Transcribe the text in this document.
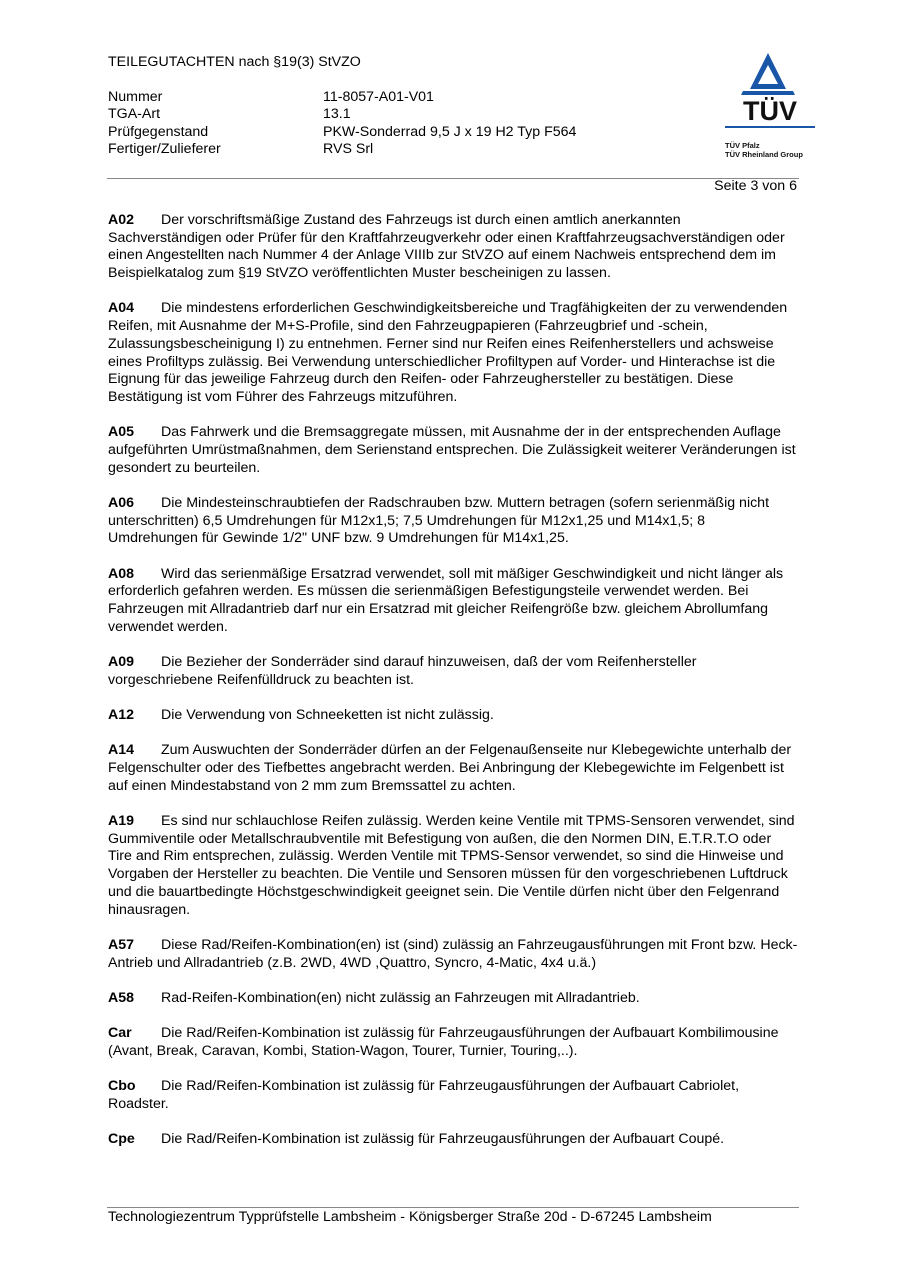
TEILEGUTACHTEN nach §19(3) StVZO
Nummer	11-8057-A01-V01
TGA-Art	13.1
Prüfgegenstand	PKW-Sonderrad 9,5 J x 19 H2 Typ F564
Fertiger/Zulieferer	RVS Srl
TÜV
TÜV Pfalz
TÜV Rheinland Group
Seite 3 von 6

A02 Der vorschriftsmäßige Zustand des Fahrzeugs ist durch einen amtlich anerkannten Sachverständigen oder Prüfer für den Kraftfahrzeugverkehr oder einen Kraftfahrzeugsachverständigen oder einen Angestellten nach Nummer 4 der Anlage VIIIb zur StVZO auf einem Nachweis entsprechend dem im Beispielkatalog zum §19 StVZO veröffentlichten Muster bescheinigen zu lassen.

A04 Die mindestens erforderlichen Geschwindigkeitsbereiche und Tragfähigkeiten der zu verwendenden Reifen, mit Ausnahme der M+S-Profile, sind den Fahrzeugpapieren (Fahrzeugbrief und -schein, Zulassungsbescheinigung I) zu entnehmen. Ferner sind nur Reifen eines Reifenherstellers und achsweise eines Profiltyps zulässig. Bei Verwendung unterschiedlicher Profiltypen auf Vorder- und Hinterachse ist die Eignung für das jeweilige Fahrzeug durch den Reifen- oder Fahrzeughersteller zu bestätigen. Diese Bestätigung ist vom Führer des Fahrzeugs mitzuführen.

A05 Das Fahrwerk und die Bremsaggregate müssen, mit Ausnahme der in der entsprechenden Auflage aufgeführten Umrüstmaßnahmen, dem Serienstand entsprechen. Die Zulässigkeit weiterer Veränderungen ist gesondert zu beurteilen.

A06 Die Mindesteinschraubtiefen der Radschrauben bzw. Muttern betragen (sofern serienmäßig nicht unterschritten) 6,5 Umdrehungen für M12x1,5; 7,5 Umdrehungen für M12x1,25 und M14x1,5; 8 Umdrehungen für Gewinde 1/2" UNF bzw. 9 Umdrehungen für M14x1,25.

A08 Wird das serienmäßige Ersatzrad verwendet, soll mit mäßiger Geschwindigkeit und nicht länger als erforderlich gefahren werden. Es müssen die serienmäßigen Befestigungsteile verwendet werden. Bei Fahrzeugen mit Allradantrieb darf nur ein Ersatzrad mit gleicher Reifengröße bzw. gleichem Abrollumfang verwendet werden.

A09 Die Bezieher der Sonderräder sind darauf hinzuweisen, daß der vom Reifenhersteller vorgeschriebene Reifenfülldruck zu beachten ist.

A12 Die Verwendung von Schneeketten ist nicht zulässig.

A14 Zum Auswuchten der Sonderräder dürfen an der Felgenaußenseite nur Klebegewichte unterhalb der Felgenschulter oder des Tiefbettes angebracht werden. Bei Anbringung der Klebegewichte im Felgenbett ist auf einen Mindestabstand von 2 mm zum Bremssattel zu achten.

A19 Es sind nur schlauchlose Reifen zulässig. Werden keine Ventile mit TPMS-Sensoren verwendet, sind Gummiventile oder Metallschraubventile mit Befestigung von außen, die den Normen DIN, E.T.R.T.O oder Tire and Rim entsprechen, zulässig. Werden Ventile mit TPMS-Sensor verwendet, so sind die Hinweise und Vorgaben der Hersteller zu beachten. Die Ventile und Sensoren müssen für den vorgeschriebenen Luftdruck und die bauartbedingte Höchstgeschwindigkeit geeignet sein. Die Ventile dürfen nicht über den Felgenrand hinausragen.

A57 Diese Rad/Reifen-Kombination(en) ist (sind) zulässig an Fahrzeugausführungen mit Front bzw. Heck-Antrieb und Allradantrieb (z.B. 2WD, 4WD ,Quattro, Syncro, 4-Matic, 4x4 u.ä.)

A58 Rad-Reifen-Kombination(en) nicht zulässig an Fahrzeugen mit Allradantrieb.

Car Die Rad/Reifen-Kombination ist zulässig für Fahrzeugausführungen der Aufbauart Kombilimousine (Avant, Break, Caravan, Kombi, Station-Wagon, Tourer, Turnier, Touring,..).

Cbo Die Rad/Reifen-Kombination ist zulässig für Fahrzeugausführungen der Aufbauart Cabriolet, Roadster.

Cpe Die Rad/Reifen-Kombination ist zulässig für Fahrzeugausführungen der Aufbauart Coupé.

Technologiezentrum Typprüfstelle Lambsheim - Königsberger Straße 20d - D-67245 Lambsheim
